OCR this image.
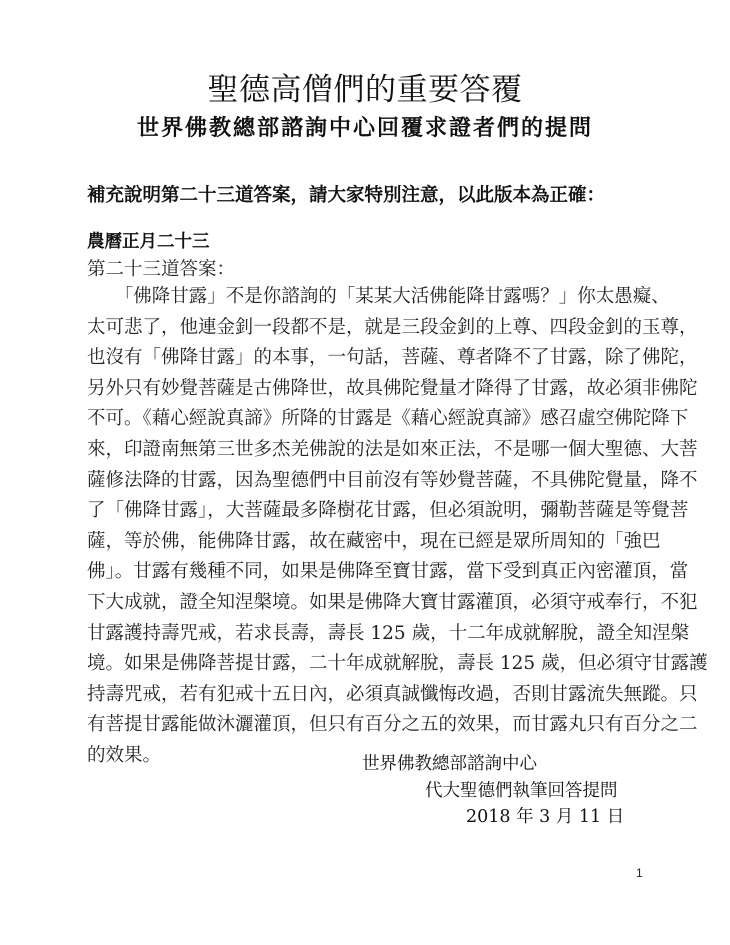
聖德高僧們的重要答覆
世界佛教總部諮詢中心回覆求證者們的提問

補充說明第二十三道答案，請大家特別注意，以此版本為正確：

農曆正月二十三

第二十三道答案：

　　「佛降甘露」不是你諮詢的「某某大活佛能降甘露嗎？」你太愚癡、
太可悲了，他連金釗一段都不是，就是三段金釗的上尊、四段金釗的玉尊，
也沒有「佛降甘露」的本事，一句話，菩薩、尊者降不了甘露，除了佛陀，
另外只有妙覺菩薩是古佛降世，故具佛陀覺量才降得了甘露，故必須非佛陀
不可。《藉心經說真諦》所降的甘露是《藉心經說真諦》感召虛空佛陀降下
來，印證南無第三世多杰羌佛說的法是如來正法，不是哪一個大聖德、大菩
薩修法降的甘露，因為聖德們中目前沒有等妙覺菩薩，不具佛陀覺量，降不
了「佛降甘露」，大菩薩最多降樹花甘露，但必須說明，彌勒菩薩是等覺菩
薩，等於佛，能佛降甘露，故在藏密中，現在已經是眾所周知的「強巴
佛」。甘露有幾種不同，如果是佛降至寶甘露，當下受到真正內密灌頂，當
下大成就，證全知涅槃境。如果是佛降大寶甘露灌頂，必須守戒奉行，不犯
甘露護持壽咒戒，若求長壽，壽長 125 歲，十二年成就解脫，證全知涅槃
境。如果是佛降菩提甘露，二十年成就解脫，壽長 125 歲，但必須守甘露護
持壽咒戒，若有犯戒十五日內，必須真誠懺悔改過，否則甘露流失無蹤。只
有菩提甘露能做沐灑灌頂，但只有百分之五的效果，而甘露丸只有百分之二
的效果。	世界佛教總部諮詢中心
代大聖德們執筆回答提問
2018 年 3 月 11 日
1
